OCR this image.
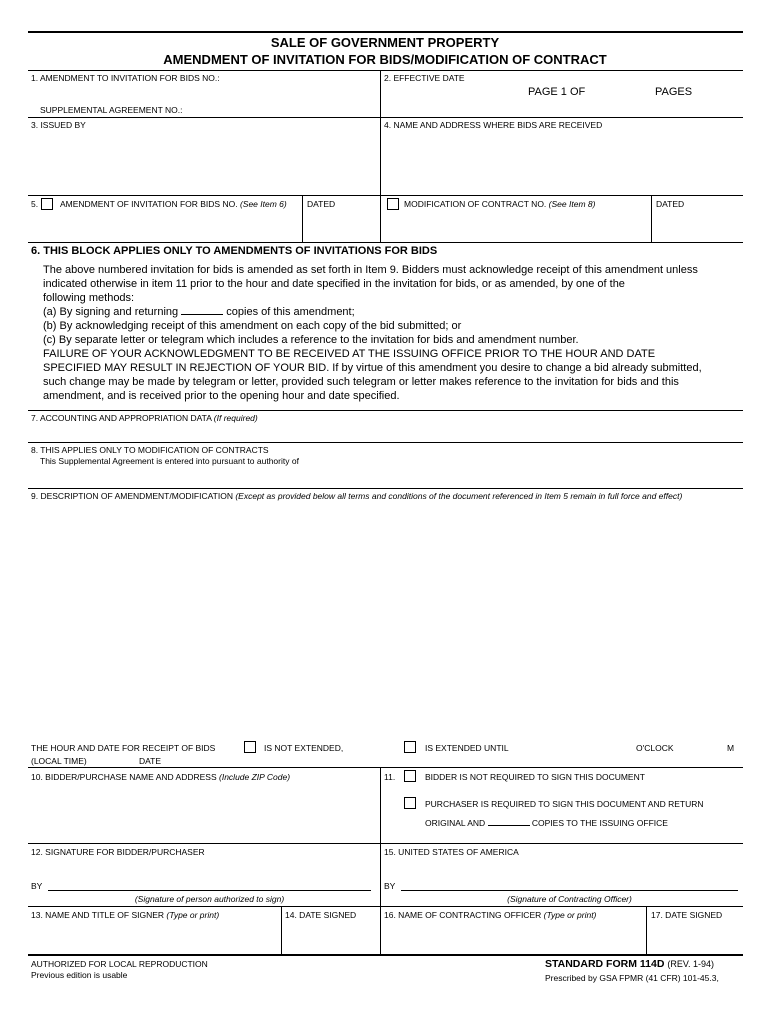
SALE OF GOVERNMENT PROPERTY
AMENDMENT OF INVITATION FOR BIDS/MODIFICATION OF CONTRACT
1. AMENDMENT TO INVITATION FOR BIDS NO.:	2. EFFECTIVE DATE
PAGE 1 OF	PAGES
SUPPLEMENTAL AGREEMENT NO.:
3. ISSUED BY	4. NAME AND ADDRESS WHERE BIDS ARE RECEIVED
5.	AMENDMENT OF INVITATION FOR BIDS NO. (See Item 6) DATED	MODIFICATION OF CONTRACT NO. (See Item 8)	DATED
6. THIS BLOCK APPLIES ONLY TO AMENDMENTS OF INVITATIONS FOR BIDS
The above numbered invitation for bids is amended as set forth in Item 9. Bidders must acknowledge receipt of this amendment unless
indicated otherwise in item 11 prior to the hour and date specified in the invitation for bids, or as amended, by one of the
following methods:
(a) By signing and returning	copies of this amendment;
(b) By acknowledging receipt of this amendment on each copy of the bid submitted; or
(c) By separate letter or telegram which includes a reference to the invitation for bids and amendment number.
FAILURE OF YOUR ACKNOWLEDGMENT TO BE RECEIVED AT THE ISSUING OFFICE PRIOR TO THE HOUR AND DATE
SPECIFIED MAY RESULT IN REJECTION OF YOUR BID. If by virtue of this amendment you desire to change a bid already submitted,
such change may be made by telegram or letter, provided such telegram or letter makes reference to the invitation for bids and this
amendment, and is received prior to the opening hour and date specified.
7. ACCOUNTING AND APPROPRIATION DATA (If required)
8. THIS APPLIES ONLY TO MODIFICATION OF CONTRACTS
This Supplemental Agreement is entered into pursuant to authority of
9. DESCRIPTION OF AMENDMENT/MODIFICATION (Except as provided below all terms and conditions of the document referenced in Item 5 remain in full force and effect)
THE HOUR AND DATE FOR RECEIPT OF BIDS
(LOCAL TIME)	DATE
IS NOT EXTENDED,	IS EXTENDED UNTIL	O'CLOCK	M
10. BIDDER/PURCHASE NAME AND ADDRESS (Include ZIP Code)	11.	BIDDER IS NOT REQUIRED TO SIGN THIS DOCUMENT
PURCHASER IS REQUIRED TO SIGN THIS DOCUMENT AND RETURN
ORIGINAL AND	COPIES TO THE ISSUING OFFICE
12. SIGNATURE FOR BIDDER/PURCHASER
BY
(Signature of person authorized to sign)
15. UNITED STATES OF AMERICA
BY
(Signature of Contracting Officer)
13. NAME AND TITLE OF SIGNER (Type or print)	14. DATE SIGNED	16. NAME OF CONTRACTING OFFICER (Type or print)	17. DATE SIGNED
AUTHORIZED FOR LOCAL REPRODUCTION
Previous edition is usable
STANDARD FORM 114D (REV. 1-94)
Prescribed by GSA FPMR (41 CFR) 101-45.3,
